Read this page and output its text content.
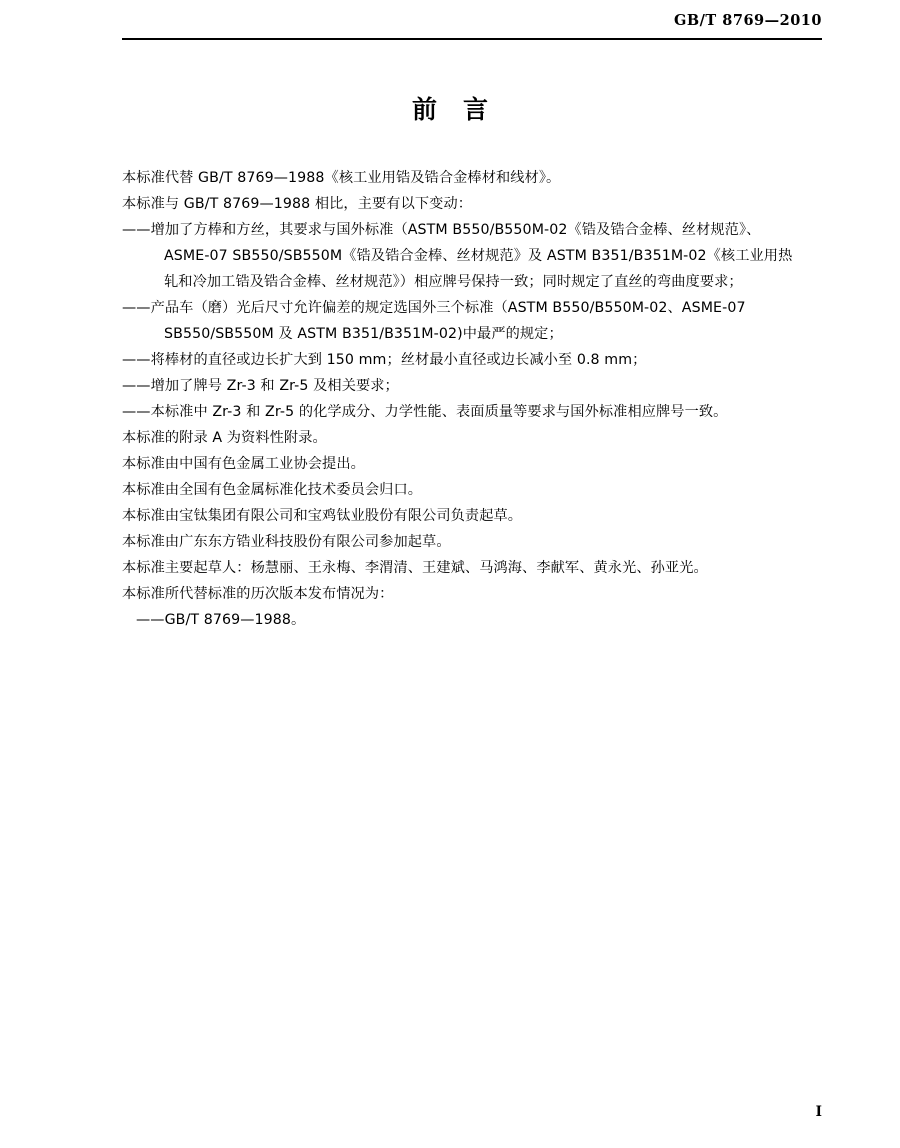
GB/T 8769—2010
前言

本标准代替 GB/T 8769—1988《核工业用锆及锆合金棒材和线材》。

本标准与 GB/T 8769—1988 相比，主要有以下变动：

——增加了方棒和方丝，其要求与国外标准（ASTM B550/B550M-02《锆及锆合金棒、丝材规范》、
ASME-07 SB550/SB550M《锆及锆合金棒、丝材规范》及 ASTM B351/B351M-02《核工业用热
轧和冷加工锆及锆合金棒、丝材规范》）相应牌号保持一致；同时规定了直丝的弯曲度要求；
——产品车（磨）光后尺寸允许偏差的规定选国外三个标准（ASTM B550/B550M-02、ASME-07
SB550/SB550M 及 ASTM B351/B351M-02)中最严的规定；
——将棒材的直径或边长扩大到 150 mm；丝材最小直径或边长减小至 0.8 mm；
——增加了牌号 Zr-3 和 Zr-5 及相关要求；
——本标准中 Zr-3 和 Zr-5 的化学成分、力学性能、表面质量等要求与国外标准相应牌号一致。

本标准的附录 A 为资料性附录。

本标准由中国有色金属工业协会提出。

本标准由全国有色金属标准化技术委员会归口。

本标准由宝钛集团有限公司和宝鸡钛业股份有限公司负责起草。

本标准由广东东方锆业科技股份有限公司参加起草。

本标准主要起草人：杨慧丽、王永梅、李渭清、王建斌、马鸿海、李献军、黄永光、孙亚光。

本标准所代替标准的历次版本发布情况为：

——GB/T 8769—1988。

I
